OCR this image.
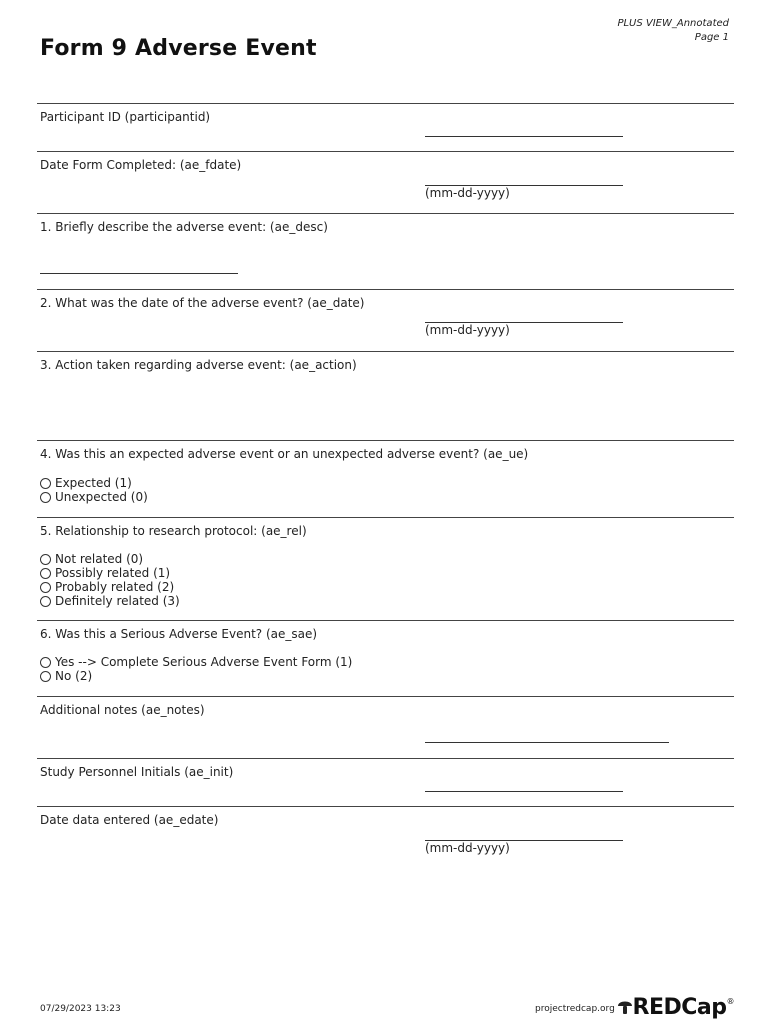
PLUS VIEW_Annotated
Page 1
Form 9 Adverse Event
Participant ID (participantid)
Date Form Completed: (ae_fdate)
(mm-dd-yyyy)
1. Briefly describe the adverse event: (ae_desc)
2. What was the date of the adverse event? (ae_date)
(mm-dd-yyyy)
3. Action taken regarding adverse event: (ae_action)
4. Was this an expected adverse event or an unexpected adverse event? (ae_ue)
Expected (1)
Unexpected (0)
5. Relationship to research protocol: (ae_rel)
Not related (0)
Possibly related (1)
Probably related (2)
Definitely related (3)
6. Was this a Serious Adverse Event? (ae_sae)
Yes --> Complete Serious Adverse Event Form (1)
No (2)
Additional notes (ae_notes)
Study Personnel Initials (ae_init)
Date data entered (ae_edate)
(mm-dd-yyyy)
07/29/2023 13:23	projectredcap.org REDCap®
